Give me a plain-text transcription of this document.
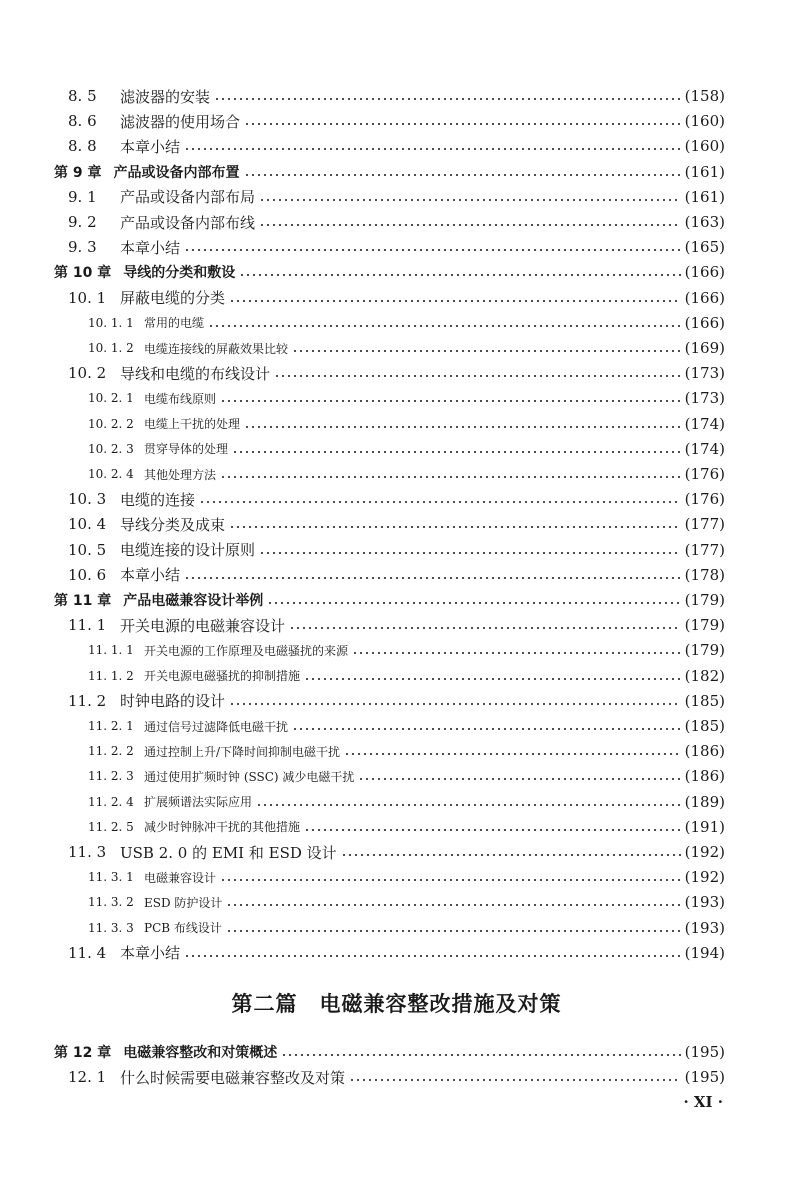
8. 5	滤波器的安装	(158)
8. 6	滤波器的使用场合	(160)
8. 8	本章小结	(160)
第 9 章 产品或设备内部布置	(161)
9. 1	产品或设备内部布局	(161)
9. 2	产品或设备内部布线	(163)
9. 3	本章小结	(165)
第 10 章 导线的分类和敷设	(166)
10. 1 屏蔽电缆的分类	(166)
10. 1. 1 常用的电缆	(166)
10. 1. 2 电缆连接线的屏蔽效果比较	(169)
10. 2 导线和电缆的布线设计	(173)
10. 2. 1 电缆布线原则	(173)
10. 2. 2 电缆上干扰的处理	(174)
10. 2. 3 贯穿导体的处理	(174)
10. 2. 4 其他处理方法	(176)
10. 3 电缆的连接	(176)
10. 4 导线分类及成束	(177)
10. 5 电缆连接的设计原则	(177)
10. 6 本章小结	(178)
第 11 章 产品电磁兼容设计举例	(179)
11. 1 开关电源的电磁兼容设计	(179)
11. 1. 1 开关电源的工作原理及电磁骚扰的来源	(179)
11. 1. 2 开关电源电磁骚扰的抑制措施	(182)
11. 2 时钟电路的设计	(185)
11. 2. 1 通过信号过滤降低电磁干扰	(185)
11. 2. 2 通过控制上升/下降时间抑制电磁干扰	(186)
11. 2. 3 通过使用扩频时钟 (SSC) 减少电磁干扰	(186)
11. 2. 4 扩展频谱法实际应用	(189)
11. 2. 5 减少时钟脉冲干扰的其他措施	(191)
11. 3 USB 2. 0 的 EMI 和 ESD 设计	(192)
11. 3. 1 电磁兼容设计	(192)
11. 3. 2 ESD 防护设计	(193)
11. 3. 3 PCB 布线设计	(193)
11. 4 本章小结	(194)
第二篇　电磁兼容整改措施及对策
第 12 章 电磁兼容整改和对策概述	(195)
12. 1 什么时候需要电磁兼容整改及对策	(195)
· XI ·
